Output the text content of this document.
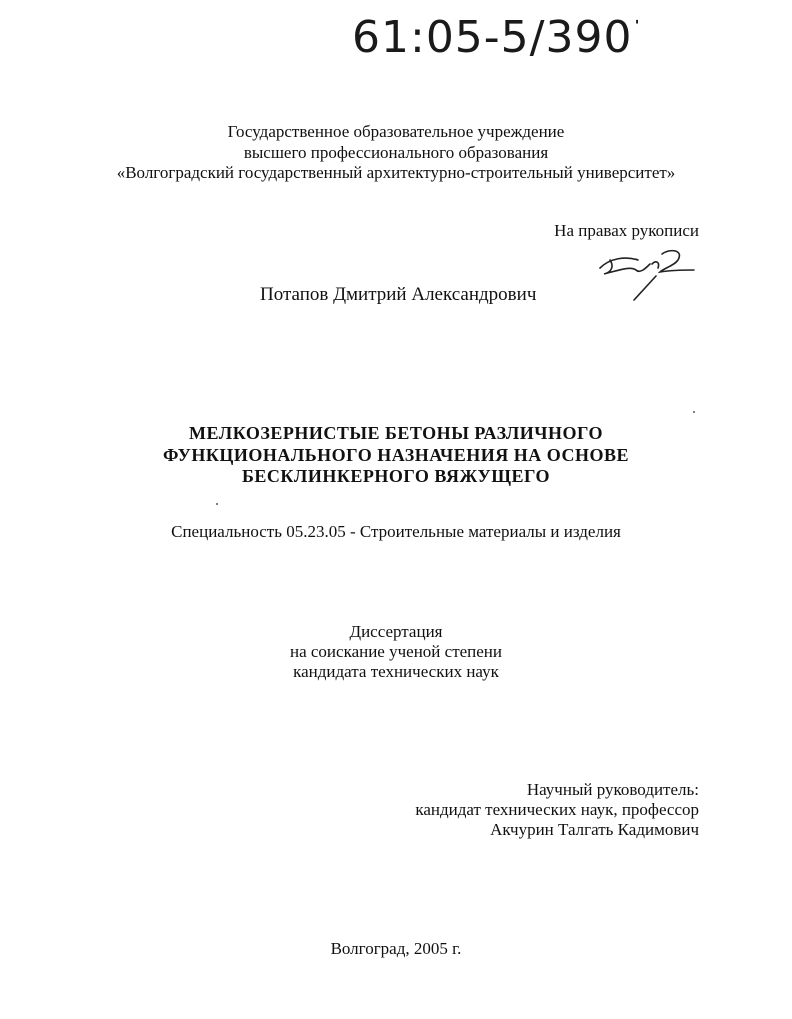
61:05-5/3907
Государственное образовательное учреждение
высшего профессионального образования
«Волгоградский государственный архитектурно-строительный университет»
На правах рукописи
Потапов Дмитрий Александрович
МЕЛКОЗЕРНИСТЫЕ БЕТОНЫ РАЗЛИЧНОГО
ФУНКЦИОНАЛЬНОГО НАЗНАЧЕНИЯ НА ОСНОВЕ
БЕСКЛИНКЕРНОГО ВЯЖУЩЕГО
Специальность 05.23.05 - Строительные материалы и изделия
Диссертация
на соискание ученой степени
кандидата технических наук
Научный руководитель:
кандидат технических наук, профессор
Акчурин Талгать Кадимович
Волгоград, 2005 г.
